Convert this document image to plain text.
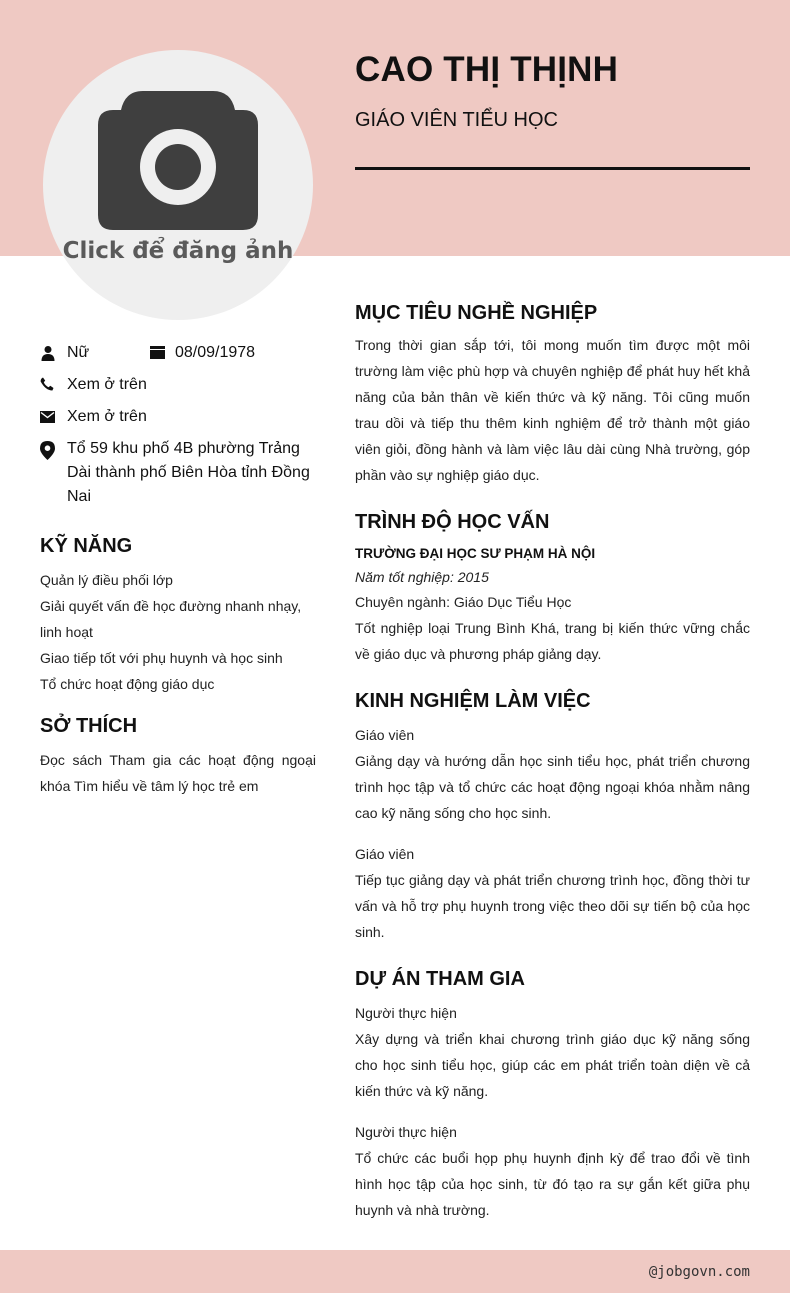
Click để đăng ảnh
CAO THỊ THỊNH
GIÁO VIÊN TIỂU HỌC
Nữ	08/09/1978
Xem ở trên
Xem ở trên
Tổ 59 khu phố 4B phường Trảng
Dài thành phố Biên Hòa tỉnh Đồng
Nai
KỸ NĂNG
Quản lý điều phối lớp
Giải quyết vấn đề học đường nhanh nhạy,
linh hoạt
Giao tiếp tốt với phụ huynh và học sinh
Tổ chức hoạt động giáo dục
SỞ THÍCH
Đọc sách Tham gia các hoạt động ngoại khóa Tìm hiểu về tâm lý học trẻ em
MỤC TIÊU NGHỀ NGHIỆP
Trong thời gian sắp tới, tôi mong muốn tìm được một môi trường làm việc phù hợp và chuyên nghiệp để phát huy hết khả năng của bản thân về kiến thức và kỹ năng. Tôi cũng muốn trau dồi và tiếp thu thêm kinh nghiệm để trở thành một giáo viên giỏi, đồng hành và làm việc lâu dài cùng Nhà trường, góp phần vào sự nghiệp giáo dục.
TRÌNH ĐỘ HỌC VẤN
TRƯỜNG ĐẠI HỌC SƯ PHẠM HÀ NỘI
Năm tốt nghiệp: 2015
Chuyên ngành: Giáo Dục Tiểu Học
Tốt nghiệp loại Trung Bình Khá, trang bị kiến thức vững chắc về giáo dục và phương pháp giảng dạy.
KINH NGHIỆM LÀM VIỆC
Giáo viên
Giảng dạy và hướng dẫn học sinh tiểu học, phát triển chương trình học tập và tổ chức các hoạt động ngoại khóa nhằm nâng cao kỹ năng sống cho học sinh.
Giáo viên
Tiếp tục giảng dạy và phát triển chương trình học, đồng thời tư vấn và hỗ trợ phụ huynh trong việc theo dõi sự tiến bộ của học sinh.
DỰ ÁN THAM GIA
Người thực hiện
Xây dựng và triển khai chương trình giáo dục kỹ năng sống cho học sinh tiểu học, giúp các em phát triển toàn diện về cả kiến thức và kỹ năng.
Người thực hiện
Tổ chức các buổi họp phụ huynh định kỳ để trao đổi về tình hình học tập của học sinh, từ đó tạo ra sự gắn kết giữa phụ huynh và nhà trường.
@jobgovn.com
